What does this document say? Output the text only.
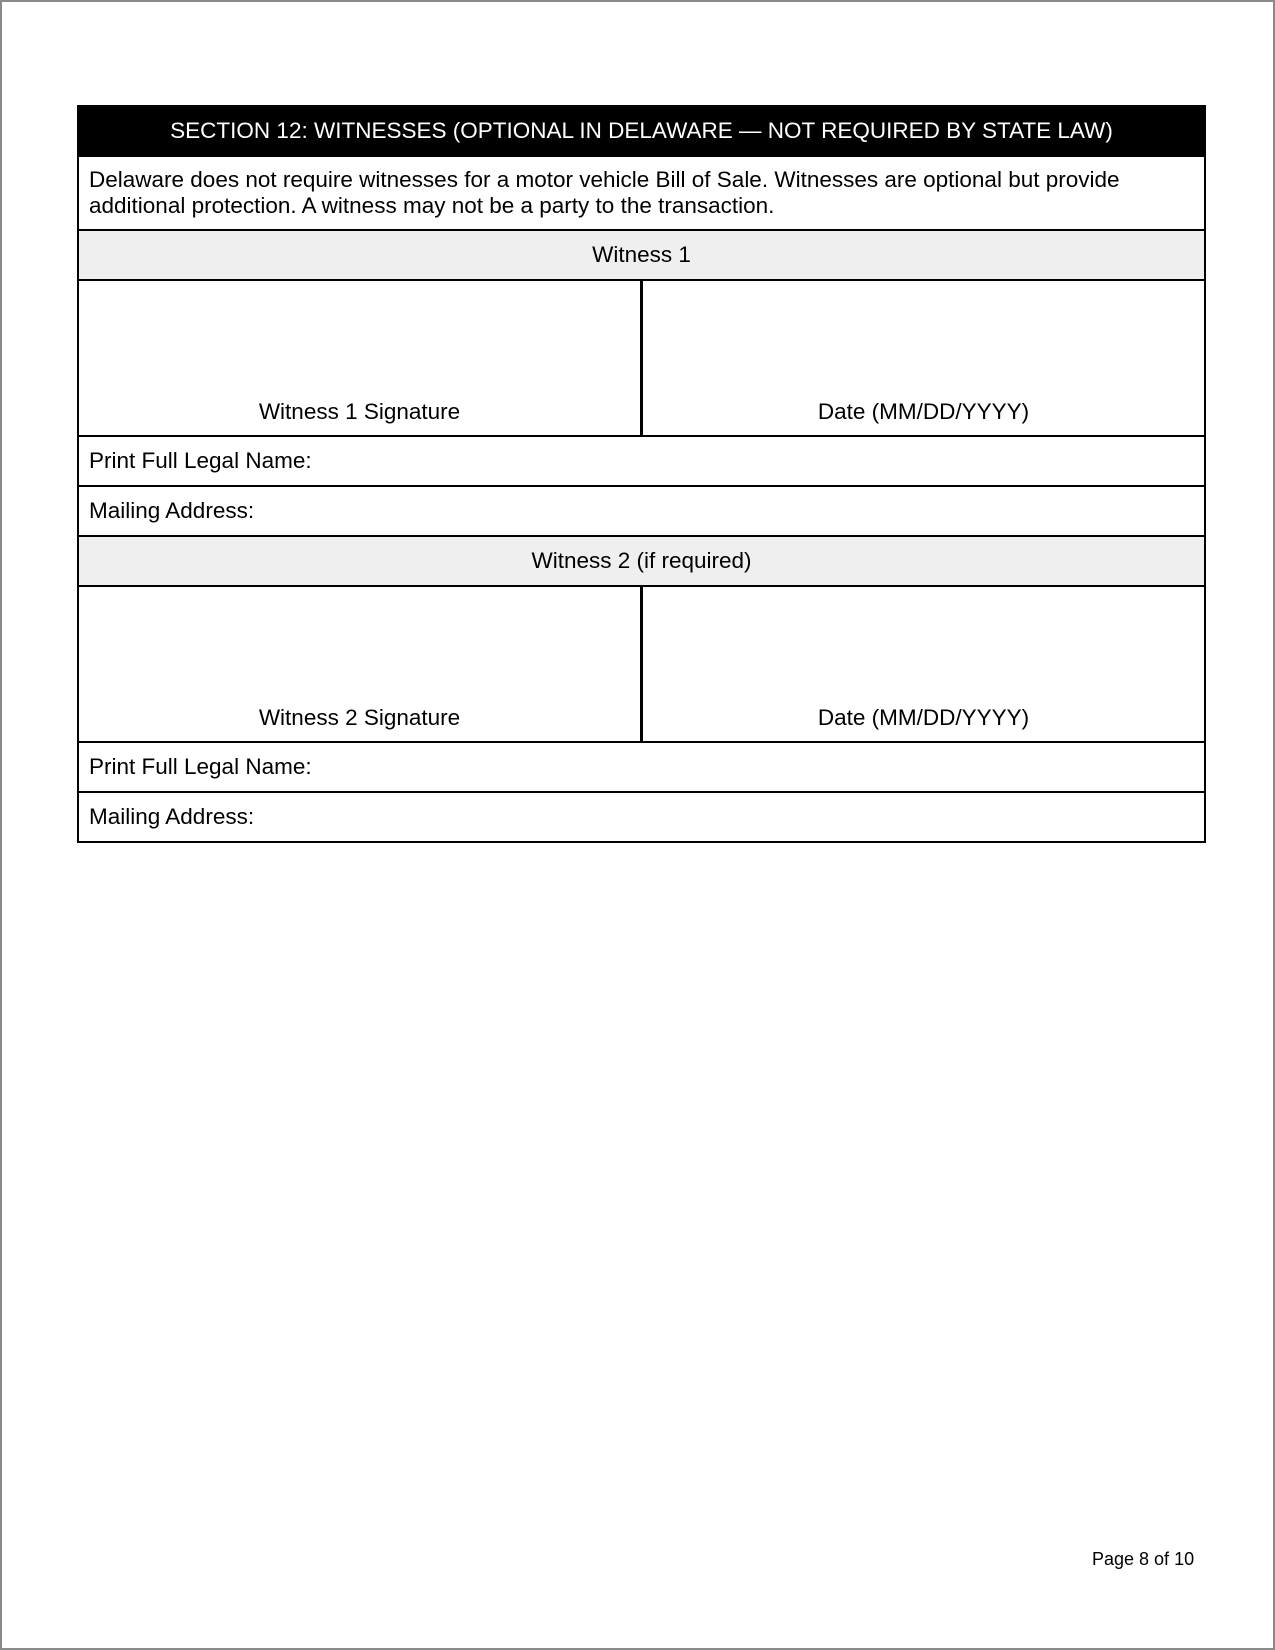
SECTION 12: WITNESSES (OPTIONAL IN DELAWARE — NOT REQUIRED BY STATE LAW)
Delaware does not require witnesses for a motor vehicle Bill of Sale. Witnesses are optional but provide additional protection. A witness may not be a party to the transaction.
Witness 1
Witness 1 Signature	Date (MM/DD/YYYY)
Print Full Legal Name:
Mailing Address:
Witness 2 (if required)
Witness 2 Signature	Date (MM/DD/YYYY)
Print Full Legal Name:
Mailing Address:
Page 8 of 10
